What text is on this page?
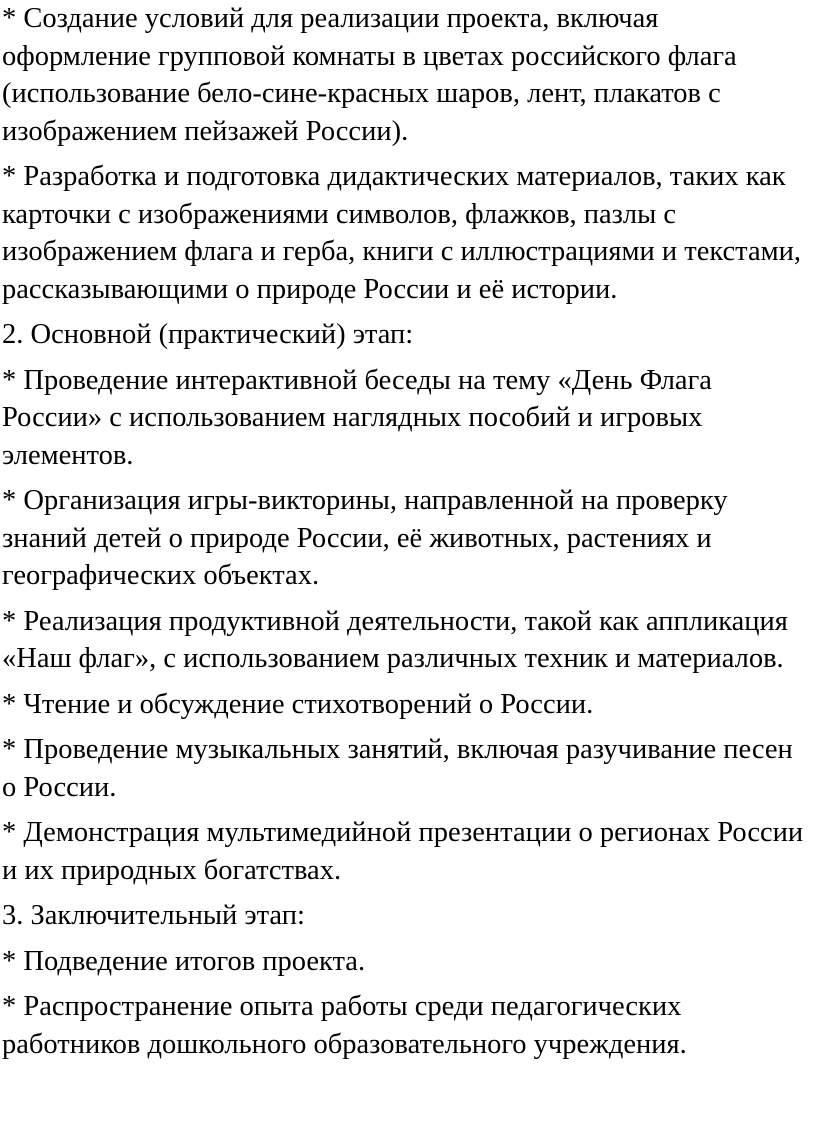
* Создание условий для реализации проекта, включая оформление групповой комнаты в цветах российского флага (использование бело-сине-красных шаров, лент, плакатов с изображением пейзажей России).

* Разработка и подготовка дидактических материалов, таких как карточки с изображениями символов, флажков, пазлы с изображением флага и герба, книги с иллюстрациями и текстами, рассказывающими о природе России и её истории.

2. Основной (практический) этап:

* Проведение интерактивной беседы на тему «День Флага России» с использованием наглядных пособий и игровых элементов.

* Организация игры-викторины, направленной на проверку знаний детей о природе России, её животных, растениях и географических объектах.

* Реализация продуктивной деятельности, такой как аппликация «Наш флаг», с использованием различных техник и материалов.

* Чтение и обсуждение стихотворений о России.

* Проведение музыкальных занятий, включая разучивание песен о России.

* Демонстрация мультимедийной презентации о регионах России и их природных богатствах.

3. Заключительный этап:

* Подведение итогов проекта.

* Распространение опыта работы среди педагогических работников дошкольного образовательного учреждения.
